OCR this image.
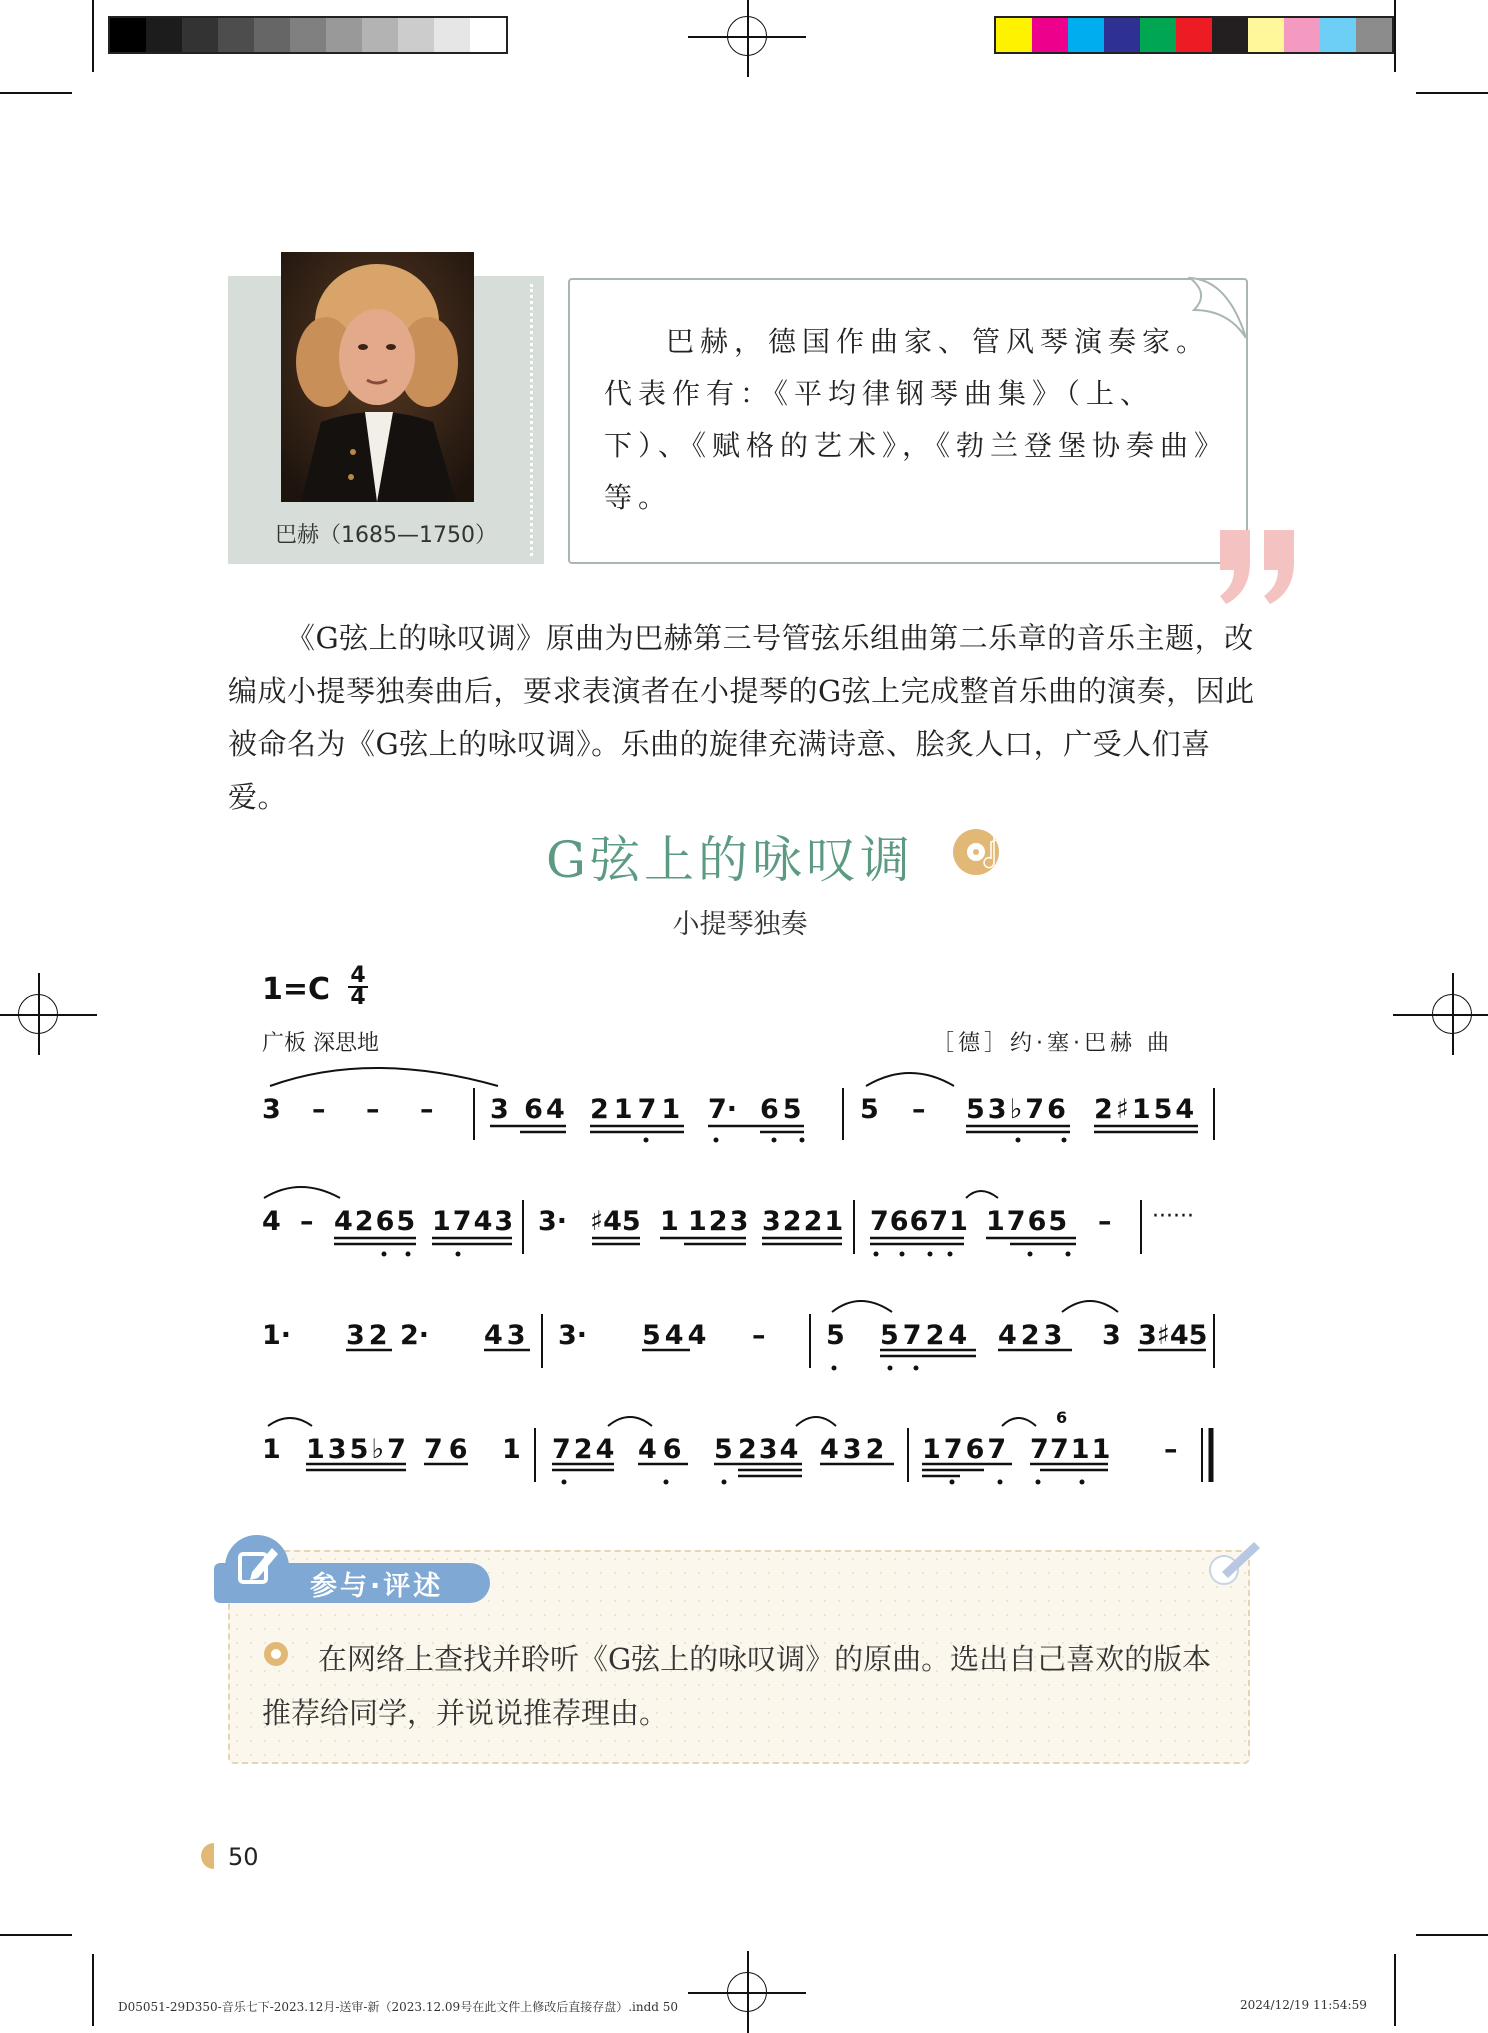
巴赫（1685—1750）
巴赫，德国作曲家、管风琴演奏家。代表作有：《平均律钢琴曲集》（上、下）、《赋格的艺术》，《勃兰登堡协奏曲》等。
《G弦上的咏叹调》原曲为巴赫第三号管弦乐组曲第二乐章的音乐主题，改编成小提琴独奏曲后，要求表演者在小提琴的G弦上完成整首乐曲的演奏，因此被命名为《G弦上的咏叹调》。乐曲的旋律充满诗意、脍炙人口，广受人们喜爱。
G弦上的咏叹调
小提琴独奏
1=C 4
4
广板 深思地	［德］约·塞·巴赫 曲
3 – – – 3 64 2171 7· 65 5 – 53♭76 2♯154
4 – 4265 1743 3· ♯45 1 123 3221 76671 1765 – ······
1· 32 2· 43 3· 544 – 5 5724 423 3 3♯45
1 135♭7 76 1 724 46 5 234 432 1767 7 711 –
6
参与·评述
在网络上查找并聆听《G弦上的咏叹调》的原曲。选出自己喜欢的版本推荐给同学，并说说推荐理由。
50
D05051-29D350-音乐七下-2023.12月-送审-新（2023.12.09号在此文件上修改后直接存盘）.indd 50	2024/12/19 11:54:59
